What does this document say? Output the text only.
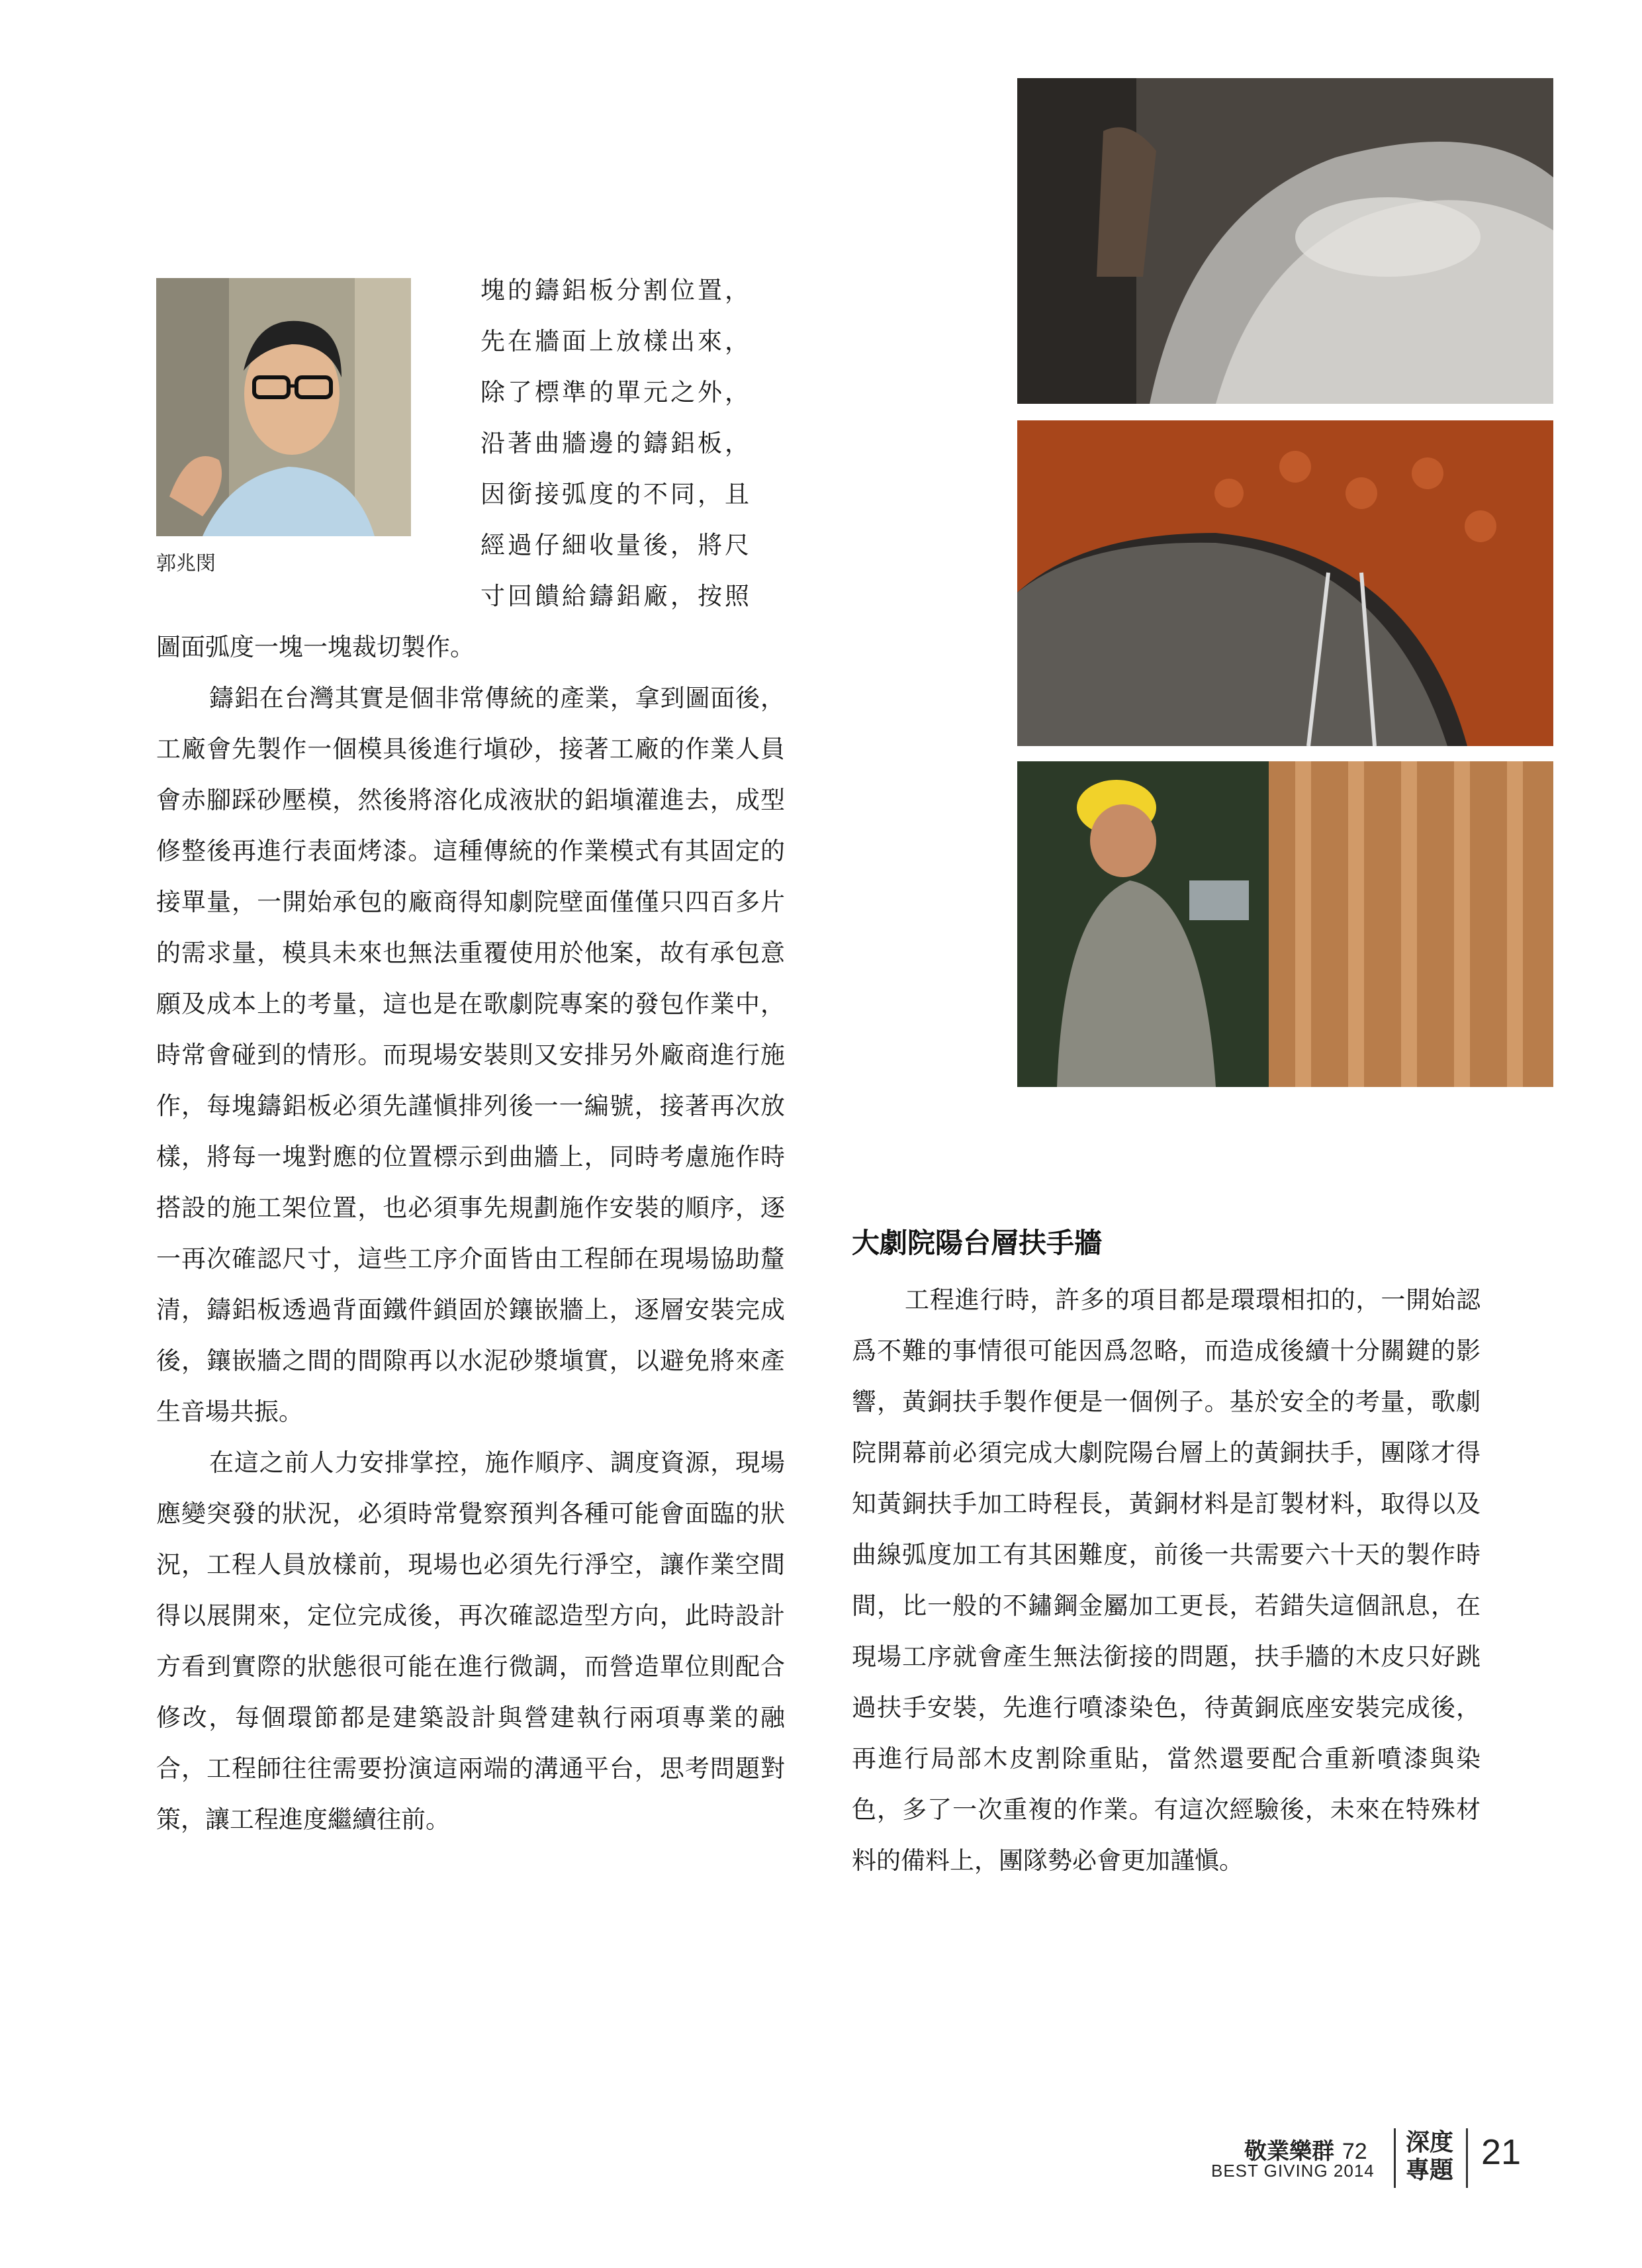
郭兆閔
塊的鑄鋁板分割位置，
先在牆面上放樣出來，
除了標準的單元之外，
沿著曲牆邊的鑄鋁板，
因銜接弧度的不同，且
經過仔細收量後，將尺
寸回饋給鑄鋁廠，按照

圖面弧度一塊一塊裁切製作。

鑄鋁在台灣其實是個非常傳統的產業，拿到圖面後，工廠會先製作一個模具後進行塡砂，接著工廠的作業人員會赤腳踩砂壓模，然後將溶化成液狀的鋁塡灌進去，成型修整後再進行表面烤漆。這種傳統的作業模式有其固定的接單量，一開始承包的廠商得知劇院壁面僅僅只四百多片的需求量，模具未來也無法重覆使用於他案，故有承包意願及成本上的考量，這也是在歌劇院專案的發包作業中，時常會碰到的情形。而現場安裝則又安排另外廠商進行施作，每塊鑄鋁板必須先謹愼排列後一一編號，接著再次放樣，將每一塊對應的位置標示到曲牆上，同時考慮施作時搭設的施工架位置，也必須事先規劃施作安裝的順序，逐一再次確認尺寸，這些工序介面皆由工程師在現場協助釐清，鑄鋁板透過背面鐵件鎖固於鑲嵌牆上，逐層安裝完成後，鑲嵌牆之間的間隙再以水泥砂漿塡實，以避免將來產生音場共振。

在這之前人力安排掌控，施作順序、調度資源，現場應變突發的狀況，必須時常覺察預判各種可能會面臨的狀況，工程人員放樣前，現場也必須先行淨空，讓作業空間得以展開來，定位完成後，再次確認造型方向，此時設計方看到實際的狀態很可能在進行微調，而營造單位則配合修改，每個環節都是建築設計與營建執行兩項專業的融合，工程師往往需要扮演這兩端的溝通平台，思考問題對策，讓工程進度繼續往前。

大劇院陽台層扶手牆

工程進行時，許多的項目都是環環相扣的，一開始認爲不難的事情很可能因爲忽略，而造成後續十分關鍵的影響，黃銅扶手製作便是一個例子。基於安全的考量，歌劇院開幕前必須完成大劇院陽台層上的黃銅扶手，團隊才得知黃銅扶手加工時程長，黃銅材料是訂製材料，取得以及曲線弧度加工有其困難度，前後一共需要六十天的製作時間，比一般的不鏽鋼金屬加工更長，若錯失這個訊息，在現場工序就會產生無法銜接的問題，扶手牆的木皮只好跳過扶手安裝，先進行噴漆染色，待黃銅底座安裝完成後，再進行局部木皮割除重貼，當然還要配合重新噴漆與染色，多了一次重複的作業。有這次經驗後，未來在特殊材料的備料上，團隊勢必會更加謹愼。

敬業樂群 72
BEST GIVING 2014
深度
專題 21
